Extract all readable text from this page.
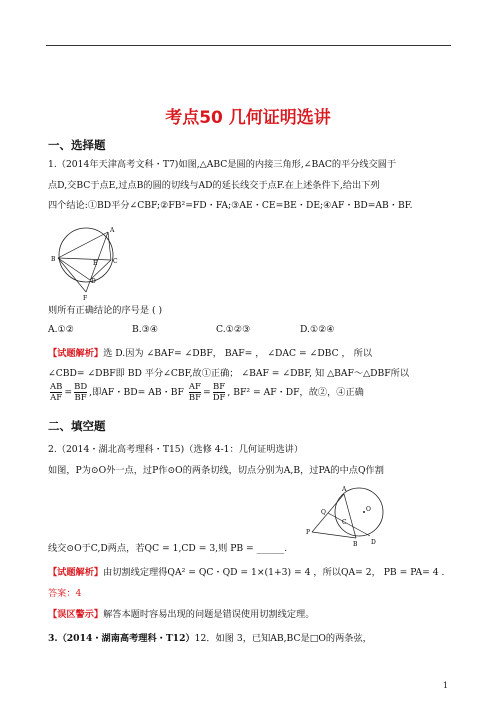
考点50 几何证明选讲
一、选择题
1.（2014年天津高考文科・T7)如图,△ABC是圆的内接三角形,∠BAC的平分线交圆于
点D,交BC于点E,过点B的圆的切线与AD的延长线交于点F.在上述条件下,给出下列
四个结论:①BD平分∠CBF;②FB²=FD・FA;③AE・CE=BE・DE;④AF・BD=AB・BF.
A
B	C
D
E
F
则所有正确结论的序号是 ( )
A.①②	B.③④	C.①②③	D.①②④
【试题解析】选 D.因为 ∠BAF= ∠DBF， BAF= ， ∠DAC = ∠DBC ， 所以
∠CBD= ∠DBF即 BD 平分∠CBF,故①正确； ∠BAF = ∠DBF, 知 △BAF～△DBF所以
$\frac{AB}{AF} = \frac{BD}{BF}$ ,即AF・BD= AB・BF $\frac{AF}{BF} = \frac{BF}{DF}$ , BF² = AF・DF，故②，④正确
二、填空题
2.（2014・湖北高考理科・T15)（选修 4-1：几何证明选讲）
如图，P为⊙O外一点，过P作⊙O的两条切线，切点分别为A,B，过PA的中点Q作割
A
B
C
D
O
P
Q
线交⊙O于C,D两点，若QC = 1,CD = 3,则 PB = ______.
【试题解析】由切割线定理得QA² = QC・QD = 1×(1+3) = 4 ，所以QA= 2， PB = PA= 4 .
答案：4
【误区警示】解答本题时容易出现的问题是错误使用切割线定理。
3.（2014・湖南高考理科・T12）12．如图 3，已知AB,BC是□O的两条弦，
1
